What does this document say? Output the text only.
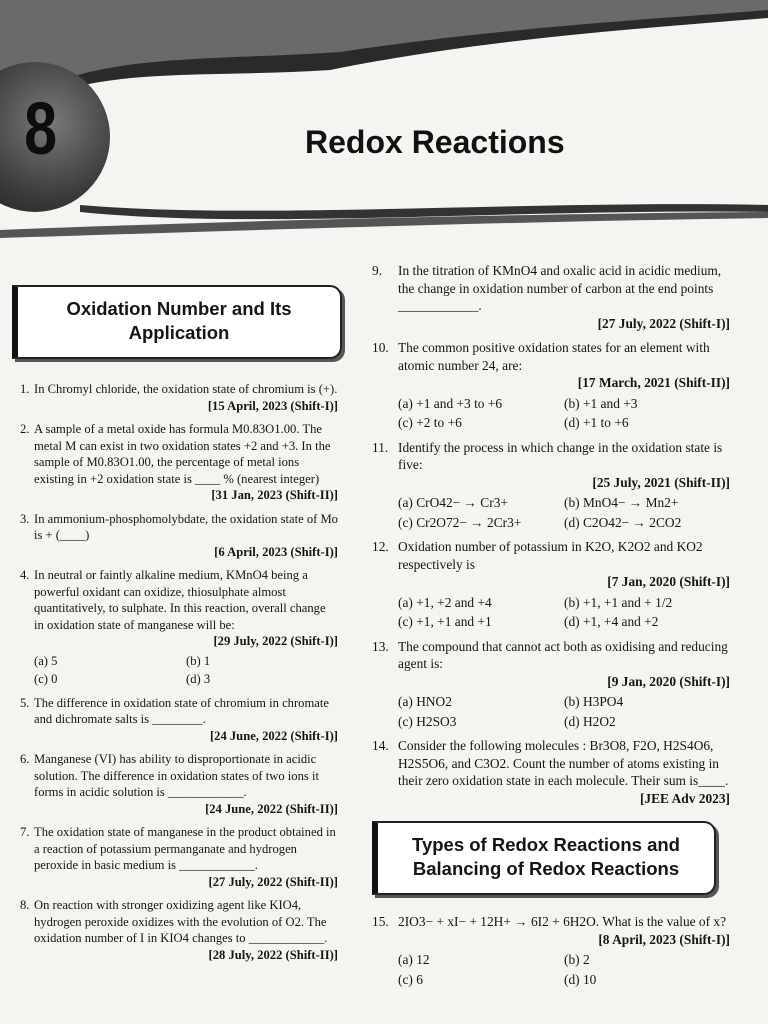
8	Redox Reactions
Oxidation Number and Its Application
1. In Chromyl chloride, the oxidation state of chromium is (+).
[15 April, 2023 (Shift-I)]
2. A sample of a metal oxide has formula M0.83O1.00. The metal M can exist in two oxidation states +2 and +3. In the sample of M0.83O1.00, the percentage of metal ions existing in +2 oxidation state is ____ % (nearest integer)
[31 Jan, 2023 (Shift-II)]
3. In ammonium-phosphomolybdate, the oxidation state of Mo is + (____)
[6 April, 2023 (Shift-I)]
4. In neutral or faintly alkaline medium, KMnO4 being a powerful oxidant can oxidize, thiosulphate almost quantitatively, to sulphate. In this reaction, overall change in oxidation state of manganese will be:
[29 July, 2022 (Shift-I)]
(a) 5	(b) 1
(c) 0	(d) 3
5. The difference in oxidation state of chromium in chromate and dichromate salts is ________.
[24 June, 2022 (Shift-I)]
6. Manganese (VI) has ability to disproportionate in acidic solution. The difference in oxidation states of two ions it forms in acidic solution is ____________.
[24 June, 2022 (Shift-II)]
7. The oxidation state of manganese in the product obtained in a reaction of potassium permanganate and hydrogen peroxide in basic medium is ____________.
[27 July, 2022 (Shift-II)]
8. On reaction with stronger oxidizing agent like KIO4, hydrogen peroxide oxidizes with the evolution of O2. The oxidation number of I in KIO4 changes to ____________.
[28 July, 2022 (Shift-II)]
9. In the titration of KMnO4 and oxalic acid in acidic medium, the change in oxidation number of carbon at the end points ____________.
[27 July, 2022 (Shift-I)]
10. The common positive oxidation states for an element with atomic number 24, are:
[17 March, 2021 (Shift-II)]
(a) +1 and +3 to +6	(b) +1 and +3
(c) +2 to +6	(d) +1 to +6
11. Identify the process in which change in the oxidation state is five:
[25 July, 2021 (Shift-II)]
(a) CrO42− → Cr3+	(b) MnO4− → Mn2+
(c) Cr2O72− → 2Cr3+	(d) C2O42− → 2CO2
12. Oxidation number of potassium in K2O, K2O2 and KO2 respectively is
[7 Jan, 2020 (Shift-I)]
(a) +1, +2 and +4	(b) +1, +1 and + 1/2
(c) +1, +1 and +1	(d) +1, +4 and +2
13. The compound that cannot act both as oxidising and reducing agent is:
[9 Jan, 2020 (Shift-I)]
(a) HNO2	(b) H3PO4
(c) H2SO3	(d) H2O2
14. Consider the following molecules : Br3O8, F2O, H2S4O6, H2S5O6, and C3O2. Count the number of atoms existing in their zero oxidation state in each molecule. Their sum is____.
[JEE Adv 2023]
Types of Redox Reactions and Balancing of Redox Reactions
15. 2IO3− + xI− + 12H+ → 6I2 + 6H2O. What is the value of x?
[8 April, 2023 (Shift-I)]
(a) 12	(b) 2
(c) 6	(d) 10
